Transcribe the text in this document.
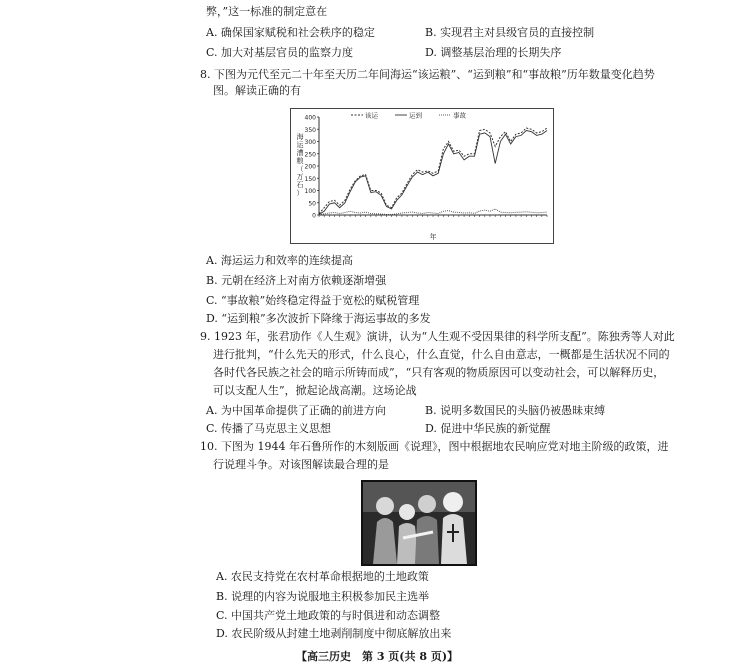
弊，”这一标准的制定意在
A. 确保国家赋税和社会秩序的稳定	B. 实现君主对县级官员的直接控制
C. 加大对基层官员的监察力度	D. 调整基层治理的长期失序
8. 下图为元代至元二十年至天历二年间海运“该运粮”、“运到粮”和“事故粮”历年数量变化趋势
图。解读正确的有
0
50
100
150
200
250
300
350
400
海
运
漕
粮
（
万
石
）
年
该运	运到	事故
A. 海运运力和效率的连续提高
B. 元朝在经济上对南方依赖逐渐增强
C. “事故粮”始终稳定得益于宽松的赋税管理
D. “运到粮”多次波折下降缘于海运事故的多发
9. 1923 年，张君劢作《人生观》演讲，认为“人生观不受因果律的科学所支配”。陈独秀等人对此
进行批判，“什么先天的形式，什么良心，什么直觉，什么自由意志，一概都是生活状况不同的
各时代各民族之社会的暗示所铸而成”，“只有客观的物质原因可以变动社会，可以解释历史，
可以支配人生”，掀起论战高潮。这场论战
A. 为中国革命提供了正确的前进方向	B. 说明多数国民的头脑仍被愚昧束缚
C. 传播了马克思主义思想	D. 促进中华民族的新觉醒
10. 下图为 1944 年石鲁所作的木刻版画《说理》，图中根据地农民响应党对地主阶级的政策，进
行说理斗争。对该图解读最合理的是
A. 农民支持党在农村革命根据地的土地政策
B. 说理的内容为说服地主积极参加民主选举
C. 中国共产党土地政策的与时俱进和动态调整
D. 农民阶级从封建土地剥削制度中彻底解放出来
【高三历史　第 3 页(共 8 页)】
